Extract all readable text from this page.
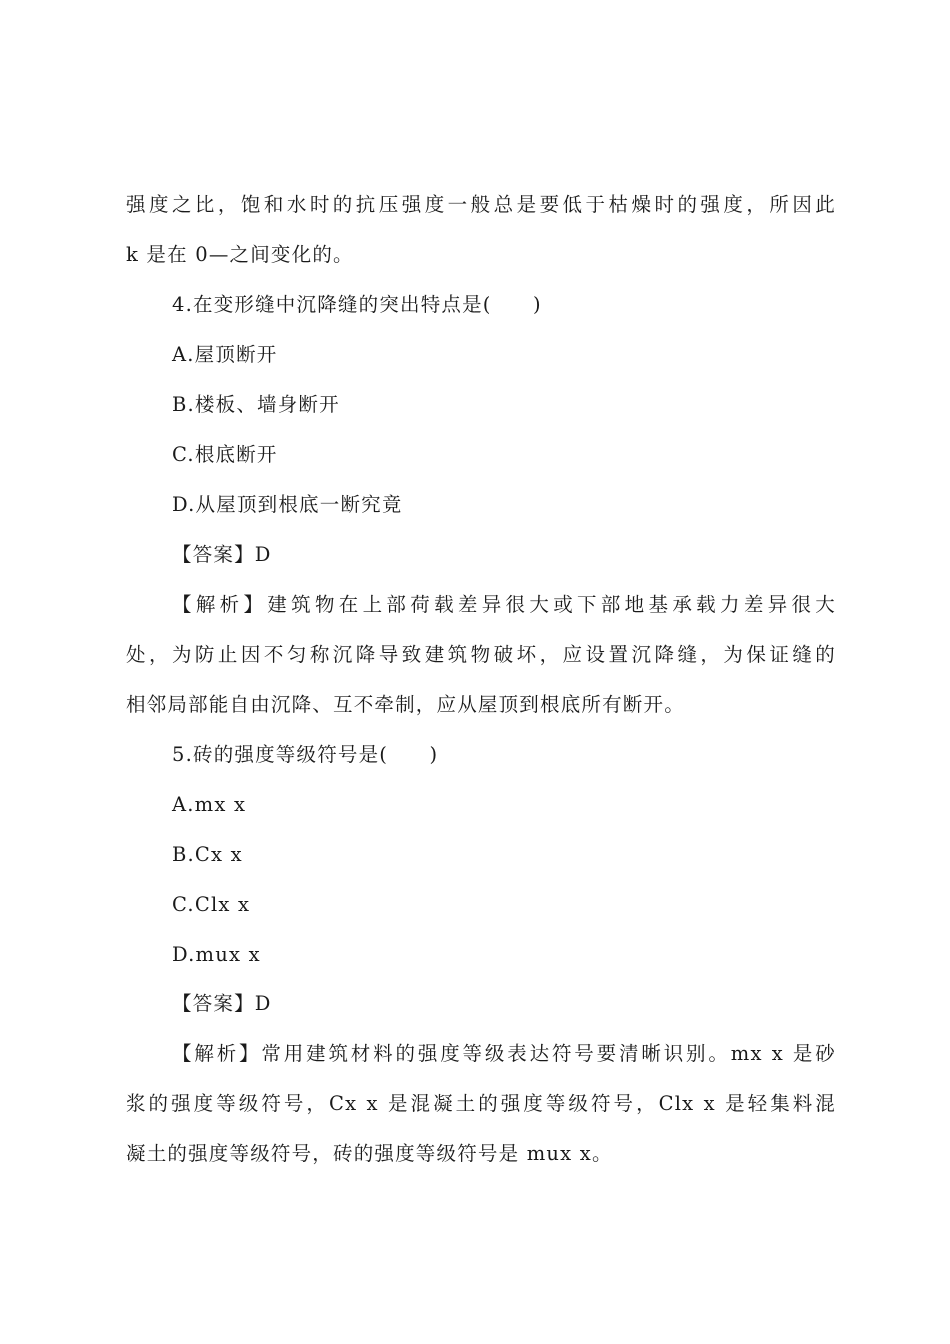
强度之比，饱和水时的抗压强度一般总是要低于枯燥时的强度，所因此
k 是在 0—之间变化的。
4.在变形缝中沉降缝的突出特点是(　　)
A.屋顶断开
B.楼板、墙身断开
C.根底断开
D.从屋顶到根底一断究竟
【答案】D
【解析】建筑物在上部荷载差异很大或下部地基承载力差异很大
处，为防止因不匀称沉降导致建筑物破坏，应设置沉降缝，为保证缝的
相邻局部能自由沉降、互不牵制，应从屋顶到根底所有断开。
5.砖的强度等级符号是(　　)
A.mx x
B.Cx x
C.Clx x
D.mux x
【答案】D
【解析】常用建筑材料的强度等级表达符号要清晰识别。mx x 是砂
浆的强度等级符号，Cx x 是混凝土的强度等级符号，Clx x 是轻集料混
凝土的强度等级符号，砖的强度等级符号是 mux x。
